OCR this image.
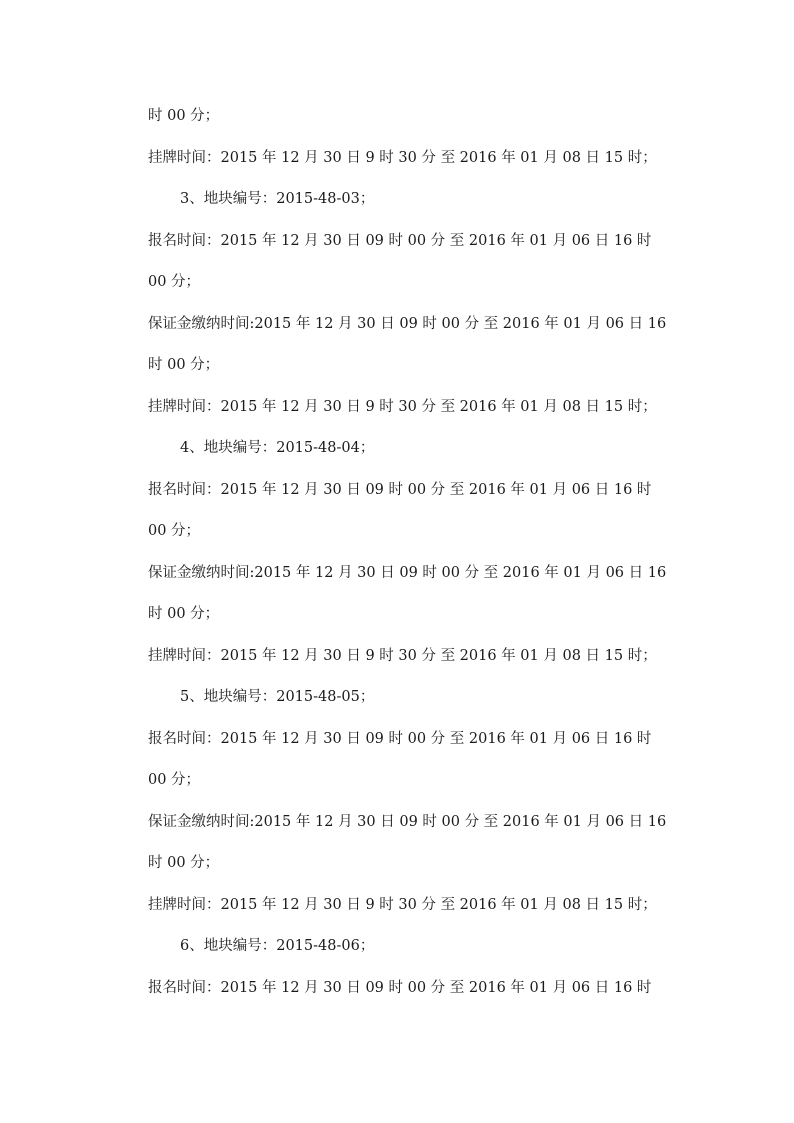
时 00 分；
挂牌时间：2015 年 12 月 30 日 9 时 30 分 至 2016 年 01 月 08 日 15 时；
3、地块编号：2015-48-03；
报名时间：2015 年 12 月 30 日 09 时 00 分 至 2016 年 01 月 06 日 16 时
00 分；
保证金缴纳时间:2015 年 12 月 30 日 09 时 00 分 至 2016 年 01 月 06 日 16
时 00 分；
挂牌时间：2015 年 12 月 30 日 9 时 30 分 至 2016 年 01 月 08 日 15 时；
4、地块编号：2015-48-04；
报名时间：2015 年 12 月 30 日 09 时 00 分 至 2016 年 01 月 06 日 16 时
00 分；
保证金缴纳时间:2015 年 12 月 30 日 09 时 00 分 至 2016 年 01 月 06 日 16
时 00 分；
挂牌时间：2015 年 12 月 30 日 9 时 30 分 至 2016 年 01 月 08 日 15 时；
5、地块编号：2015-48-05；
报名时间：2015 年 12 月 30 日 09 时 00 分 至 2016 年 01 月 06 日 16 时
00 分；
保证金缴纳时间:2015 年 12 月 30 日 09 时 00 分 至 2016 年 01 月 06 日 16
时 00 分；
挂牌时间：2015 年 12 月 30 日 9 时 30 分 至 2016 年 01 月 08 日 15 时；
6、地块编号：2015-48-06；
报名时间：2015 年 12 月 30 日 09 时 00 分 至 2016 年 01 月 06 日 16 时
